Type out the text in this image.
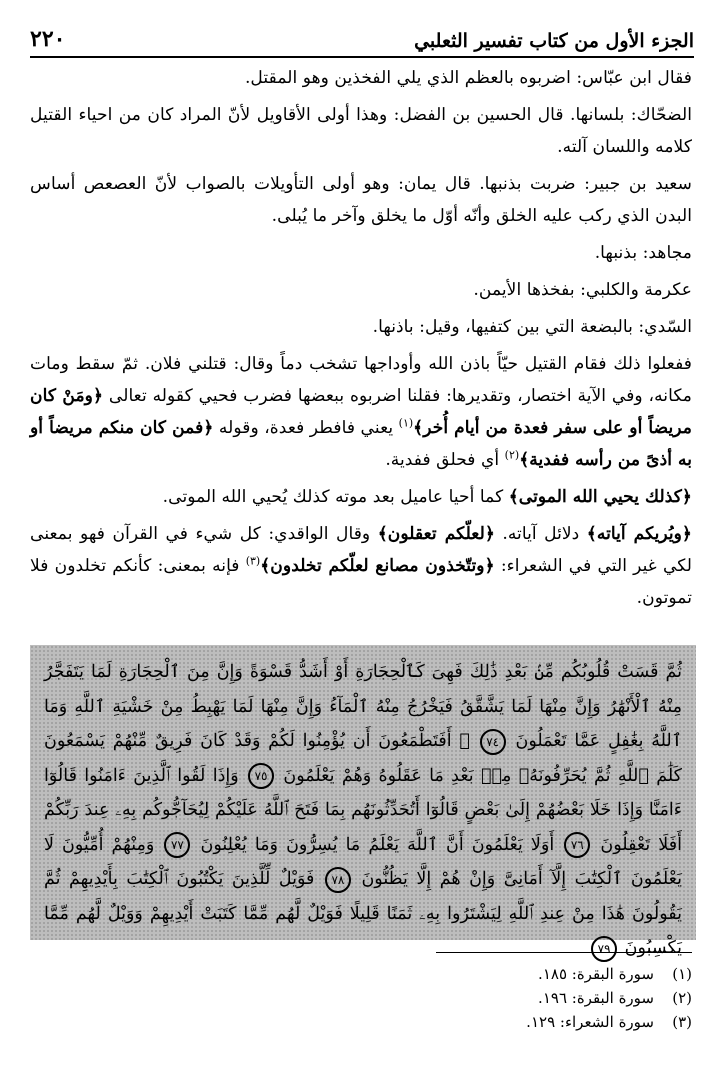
الجزء الأول من كتاب تفسير الثعلبي
٢٢٠

فقال ابن عبّاس: اضربوه بالعظم الذي يلي الفخذين وهو المقتل.

الضحّاك: بلسانها. قال الحسين بن الفضل: وهذا أولى الأقاويل لأنّ المراد كان من احياء القتيل كلامه واللسان آلته.

سعيد بن جبير: ضربت بذنبها. قال يمان: وهو أولى التأويلات بالصواب لأنّ العصعص أساس البدن الذي ركب عليه الخلق وأنّه أوّل ما يخلق وآخر ما يُبلى.

مجاهد: بذنبها.

عكرمة والكلبي: بفخذها الأيمن.

السّدي: بالبضعة التي بين كتفيها، وقيل: باذنها.

ففعلوا ذلك فقام القتيل حيّاً باذن الله وأوداجها تشخب دماً وقال: قتلني فلان. ثمّ سقط ومات مكانه، وفي الآية اختصار، وتقديرها: فقلنا اضربوه ببعضها فضرب فحيي كقوله تعالى ﴿ومَنْ كان مريضاً أو على سفر فعدة من أيام أُخر﴾$^{(١)}$ يعني فافطر فعدة، وقوله ﴿فمن كان منكم مريضاً أو به أذىً من رأسه ففدية﴾$^{(٢)}$ أي فحلق ففدية.

﴿كذلك يحيي الله الموتى﴾ كما أحيا عاميل بعد موته كذلك يُحيي الله الموتى.

﴿ويُريكم آياته﴾ دلائل آياته. ﴿لعلّكم تعقلون﴾ وقال الواقدي: كل شيء في القرآن فهو بمعنى لكي غير التي في الشعراء: ﴿وتتّخذون مصانع لعلّكم تخلدون﴾$^{(٣)}$ فإنه بمعنى: كأنكم تخلدون فلا تموتون.

ثُمَّ قَسَتْ قُلُوبُكُم مِّنۢ بَعْدِ ذَٰلِكَ فَهِىَ كَٱلْحِجَارَةِ أَوْ أَشَدُّ قَسْوَةً وَإِنَّ مِنَ ٱلْحِجَارَةِ لَمَا يَتَفَجَّرُ مِنْهُ ٱلْأَنْهَٰرُ وَإِنَّ مِنْهَا لَمَا يَشَّقَّقُ فَيَخْرُجُ مِنْهُ ٱلْمَآءُ وَإِنَّ مِنْهَا لَمَا يَهْبِطُ مِنْ خَشْيَةِ ٱللَّهِ وَمَا ٱللَّهُ بِغَٰفِلٍ عَمَّا تَعْمَلُونَ ٧٤ ۞ أَفَتَطْمَعُونَ أَن يُؤْمِنُوا لَكُمْ وَقَدْ كَانَ فَرِيقٌ مِّنْهُمْ يَسْمَعُونَ كَلَٰمَ ٱللَّهِ ثُمَّ يُحَرِّفُونَهُۥ مِنۢ بَعْدِ مَا عَقَلُوهُ وَهُمْ يَعْلَمُونَ ٧٥ وَإِذَا لَقُوا ٱلَّذِينَ ءَامَنُوا قَالُوٓا ءَامَنَّا وَإِذَا خَلَا بَعْضُهُمْ إِلَىٰ بَعْضٍ قَالُوٓا أَتُحَدِّثُونَهُم بِمَا فَتَحَ ٱللَّهُ عَلَيْكُمْ لِيُحَآجُّوكُم بِهِۦ عِندَ رَبِّكُمْ أَفَلَا تَعْقِلُونَ ٧٦ أَوَلَا يَعْلَمُونَ أَنَّ ٱللَّهَ يَعْلَمُ مَا يُسِرُّونَ وَمَا يُعْلِنُونَ ٧٧ وَمِنْهُمْ أُمِّيُّونَ لَا يَعْلَمُونَ ٱلْكِتَٰبَ إِلَّآ أَمَانِىَّ وَإِنْ هُمْ إِلَّا يَظُنُّونَ ٧٨ فَوَيْلٌ لِّلَّذِينَ يَكْتُبُونَ ٱلْكِتَٰبَ بِأَيْدِيهِمْ ثُمَّ يَقُولُونَ هَٰذَا مِنْ عِندِ ٱللَّهِ لِيَشْتَرُوا بِهِۦ ثَمَنًا قَلِيلًا فَوَيْلٌ لَّهُم مِّمَّا كَتَبَتْ أَيْدِيهِمْ وَوَيْلٌ لَّهُم مِّمَّا يَكْسِبُونَ ٧٩
(١)
سورة البقرة: ١٨٥.
(٢)
سورة البقرة: ١٩٦.
(٣)
سورة الشعراء: ١٢٩.
